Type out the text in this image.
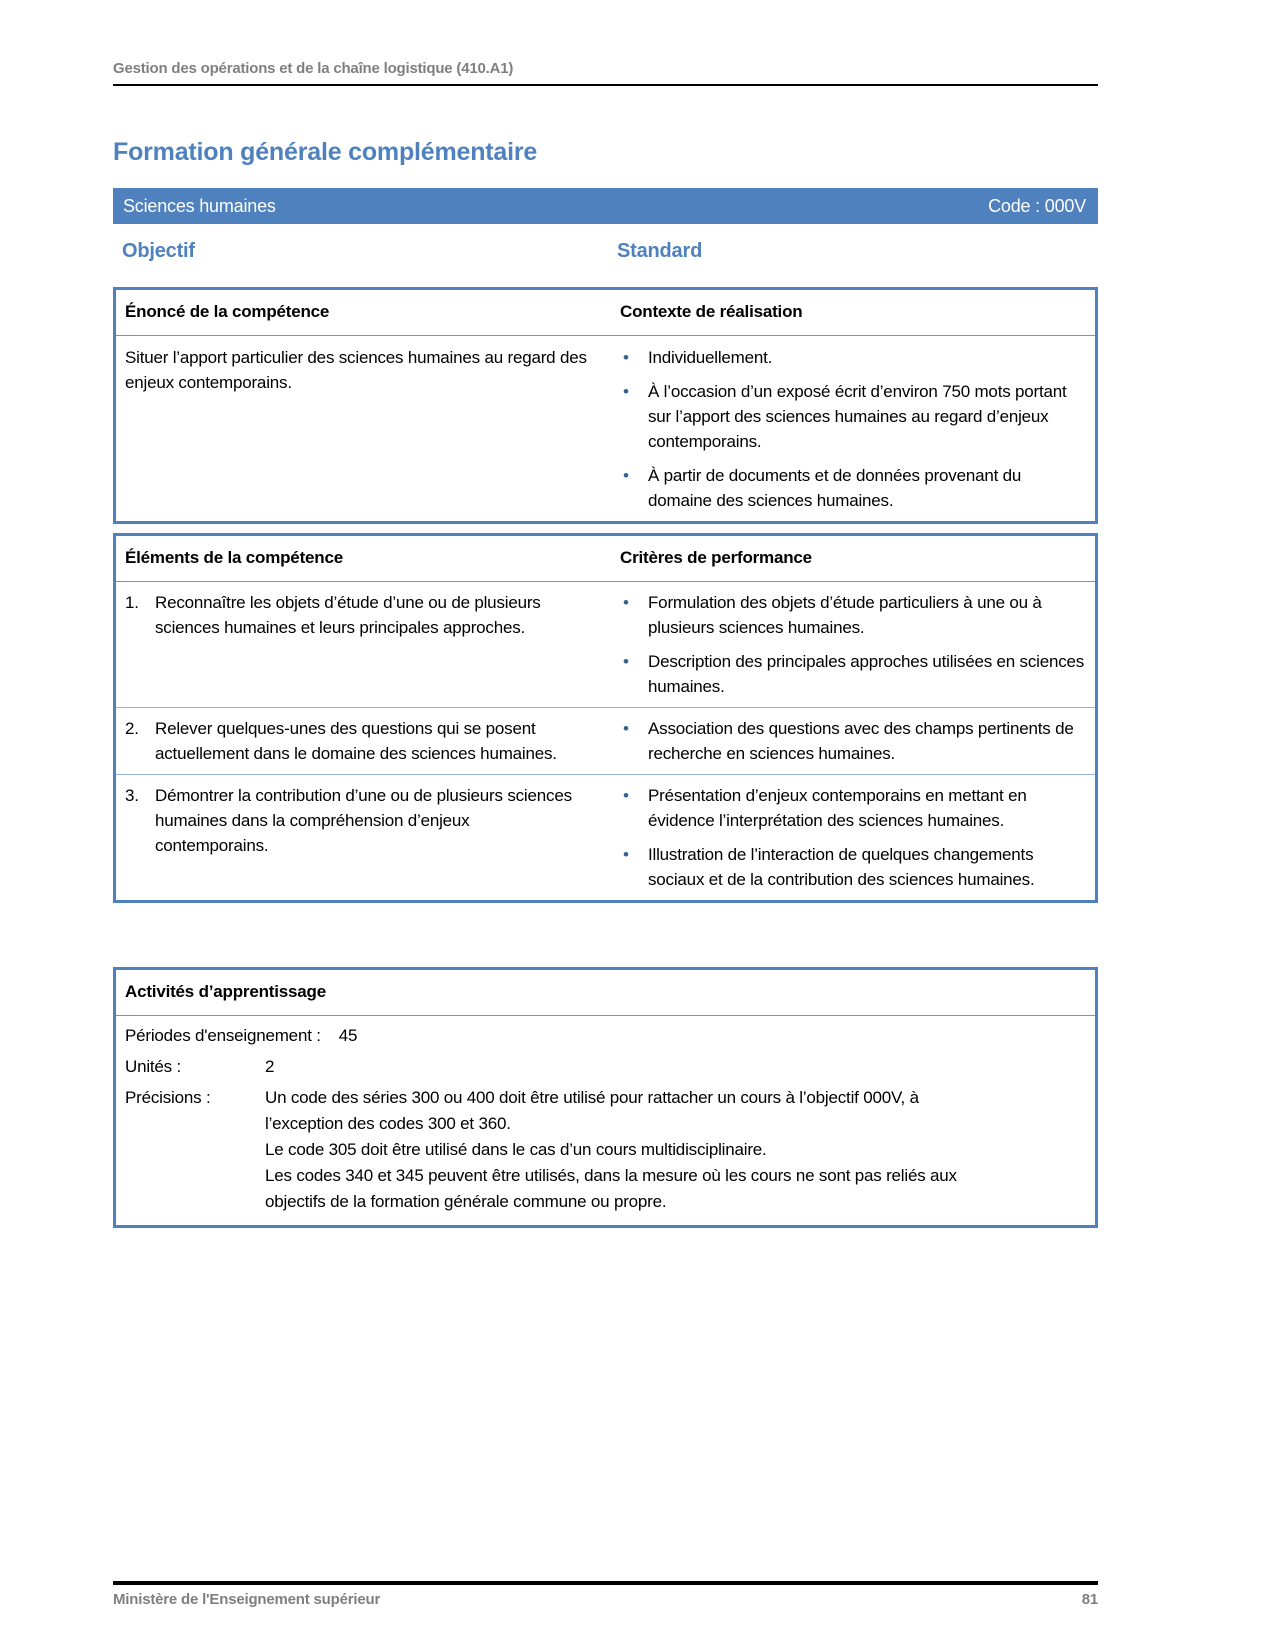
Gestion des opérations et de la chaîne logistique (410.A1)
Formation générale complémentaire
Sciences humaines	Code : 000V
Objectif	Standard
Énoncé de la compétence	Contexte de réalisation
Situer l’apport particulier des sciences humaines au regard des enjeux contemporains.
•	Individuellement.
•	À l’occasion d’un exposé écrit d’environ 750 mots portant sur l’apport des sciences humaines au regard d’enjeux contemporains.
•	À partir de documents et de données provenant du domaine des sciences humaines.
Éléments de la compétence	Critères de performance
1. Reconnaître les objets d’étude d’une ou de plusieurs sciences humaines et leurs principales approches.
•	Formulation des objets d’étude particuliers à une ou à plusieurs sciences humaines.
•	Description des principales approches utilisées en sciences humaines.
2. Relever quelques-unes des questions qui se posent actuellement dans le domaine des sciences humaines.
•	Association des questions avec des champs pertinents de recherche en sciences humaines.
3. Démontrer la contribution d’une ou de plusieurs sciences humaines dans la compréhension d’enjeux contemporains.
•	Présentation d’enjeux contemporains en mettant en évidence l’interprétation des sciences humaines.
•	Illustration de l’interaction de quelques changements sociaux et de la contribution des sciences humaines.
Activités d’apprentissage
Périodes d'enseignement : 45
Unités :	2
Précisions :	Un code des séries 300 ou 400 doit être utilisé pour rattacher un cours à l’objectif 000V, à
l’exception des codes 300 et 360.
Le code 305 doit être utilisé dans le cas d’un cours multidisciplinaire.
Les codes 340 et 345 peuvent être utilisés, dans la mesure où les cours ne sont pas reliés aux
objectifs de la formation générale commune ou propre.
Ministère de l'Enseignement supérieur	81
